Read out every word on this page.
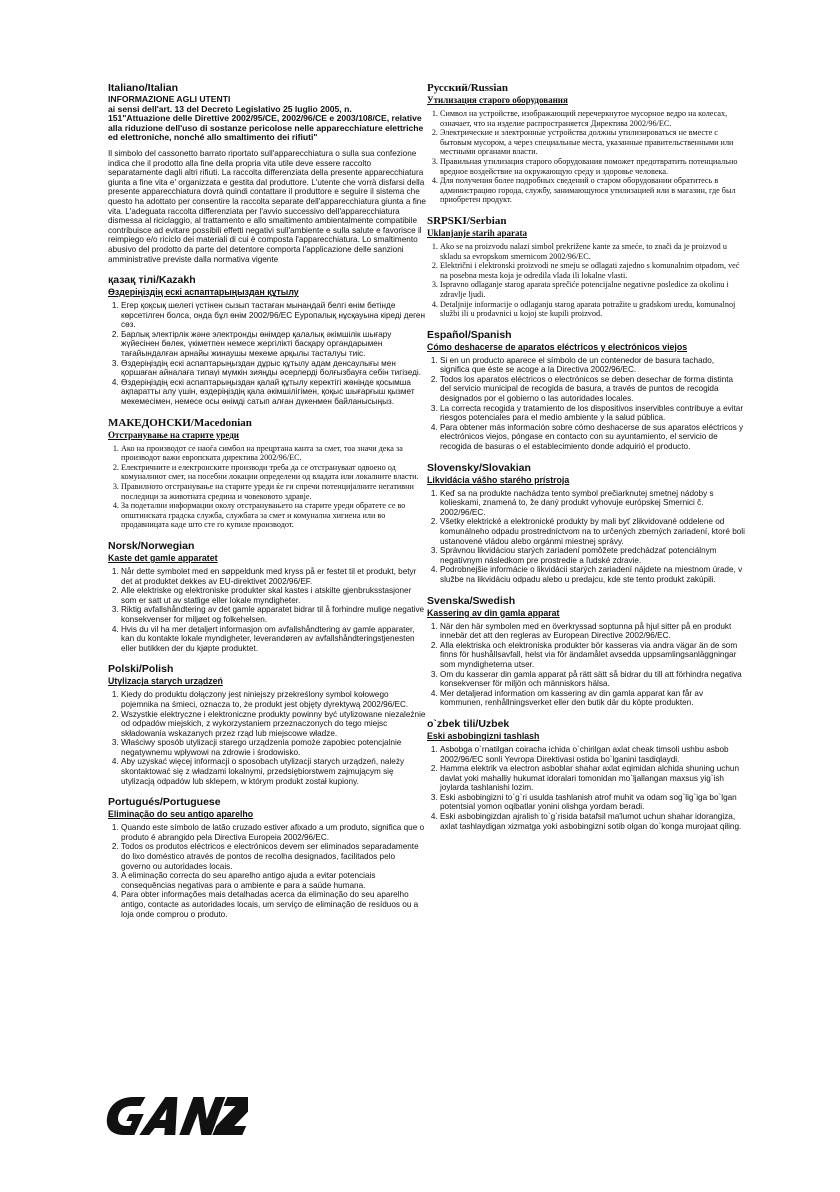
Italiano/Italian

INFORMAZIONE AGLI UTENTI

ai sensi dell'art. 13 del Decreto Legislativo 25 luglio 2005, n.

151"Attuazione delle Direttive 2002/95/CE, 2002/96/CE e 2003/108/CE, relative alla riduzione dell'uso di sostanze pericolose nelle apparecchiature elettriche ed elettroniche, nonché allo smaltimento dei rifiuti"

Il simbolo del cassonetto barrato riportato sull'apparecchiatura o sulla sua confezione indica che il prodotto alla fine della propria vita utile deve essere raccolto separatamente dagli altri rifiuti. La raccolta differenziata della presente apparecchiatura giunta a fine vita e' organizzata e gestita dal produttore. L'utente che vorrà disfarsi della presente apparecchiatura dovrà quindi contattare il produttore e seguire il sistema che questo ha adottato per consentire la raccolta separate dell'apparecchiatura giunta a fine vita. L'adeguata raccolta differenziata per l'avvio successivo dell'apparecchiatura dismessa al riciclaggio, al trattamento e allo smaltimento ambientalmente compatibile contribuisce ad evitare possibili effetti negativi sull'ambiente e sulla salute e favorisce il reimpiego e/o riciclo dei materiali di cui è composta l'apparecchiatura. Lo smaltimento abusivo del prodotto da parte del detentore comporta l'applicazione delle sanzioni amministrative previste dalla normativa vigente

қазақ тілі/Kazakh
Өздеріңіздің ескі аспаптарыңыздан құтылу
1. Егер қоқсық шелегі үстінен сызып тастаған мынандай белгі өнім бетінде көрсетілген болса, онда бұл өнім 2002/96/ЕС Еуропалық нұсқауына кіреді деген сөз.
2. Барлық электірлік және электронды өнімдер қалалық әкімшілік шығару жүйесінен бөлек, үкіметпен немесе жергілікті басқару органдарымен тағайындалған арнайы жинаушы мекеме арқылы тасталуы тиіс.
3. Өздеріңіздің ескі аспаптарыңыздан дұрыс құтылу адам денсаулығы мен қоршаған айналаға типаүі мүмкін зияңды әсерлерді болғызбауға себін тигізеді.
4. Өздеріңіздің ескі аспаптарыңыздан қалай құтылу керектігі жөнінде қосымша ақпаратты алу үшін, өздеріңіздің қала әкімшілігімен, қоқыс шығарғыш қызмет мекемесімен, немесе осы өнімді сатып алған дүкенмен байланысыңыз.
МАКЕДОНСКИ/Macedonian
Отстранување на старите уреди
1. Ако на производот се наоѓа симбол на прецртана канта за смет, тоа значи дека за производот важи европската директива 2002/96/ЕС.
2. Електричните и електронските производи треба да се отстрануваат одвоено од комуналниот смет, на посебни локации определени од владата или локалните власти.
3. Правилното отстранување на старите уреди ќе ги спречи потенцијалните негативни последици за животната средина и човековото здравје.
4. За подетални информации околу отстранувањето на старите уреди обратете се во општинската градска служба, службата за смет и комунална хигиена или во продавницата каде што сте го купиле производот.
Norsk/Norwegian
Kaste det gamle apparatet
1. Når dette symbolet med en søppeldunk med kryss på er festet til et produkt, betyr det at produktet dekkes av EU-direktivet 2002/96/EF.
2. Alle elektriske og elektroniske produkter skal kastes i atskilte gjenbruksstasjoner som er satt ut av statlige eller lokale myndigheter.
3. Riktig avfallshåndtering av det gamle apparatet bidrar til å forhindre mulige negative konsekvenser for miljøet og folkehelsen.
4. Hvis du vil ha mer detaljert informasjon om avfallshåndtering av gamle apparater, kan du kontakte lokale myndigheter, leverandøren av avfallshåndteringstjenesten eller butikken der du kjøpte produktet.
Polski/Polish
Utylizacja starych urządzeń
1. Kiedy do produktu dołączony jest niniejszy przekreślony symbol kołowego pojemnika na śmieci, oznacza to, że produkt jest objęty dyrektywą 2002/96/EC.
2. Wszystkie elektryczne i elektroniczne produkty powinny być utylizowane niezależnie od odpadów miejskich, z wykorzystaniem przeznaczonych do tego miejsc składowania wskazanych przez rząd lub miejscowe władze.
3. Właściwy sposób utylizacji starego urządzenia pomoże zapobiec potencjalnie negatywnemu wpływowi na zdrowie i środowisko.
4. Aby uzyskać więcej informacji o sposobach utylizacji starych urządzeń, należy skontaktować się z władzami lokalnymi, przedsiębiorstwem zajmującym się utylizacją odpadów lub sklepem, w którym produkt został kupiony.
Portugués/Portuguese
Eliminação do seu antigo aparelho
1. Quando este símbolo de latão cruzado estiver afixado a um produto, significa que o produto é abrangido pela Directiva Europeia 2002/96/EC.
2. Todos os produtos eléctricos e electrónicos devem ser eliminados separadamente do lixo doméstico através de pontos de recolha designados, facilitados pelo governo ou autoridades locais.
3. A eliminação correcta do seu aparelho antigo ajuda a evitar potenciais consequências negativas para o ambiente e para a saúde humana.
4. Para obter informações mais detalhadas acerca da eliminação do seu aparelho antigo, contacte as autoridades locais, um serviço de eliminação de resíduos ou a loja onde comprou o produto.
Русский/Russian
Утилизация старого оборудования
1. Символ на устройстве, изображающий перечеркнутое мусорное ведро на колесах, означает, что на изделие распространяется Директива 2002/96/EC.
2. Электрические и электронные устройства должны утилизироваться не вместе с бытовым мусором, а через специальные места, указанные правительственными или местными органами власти.
3. Правильная утилизация старого оборудования поможет предотвратить потенциально вредное воздействие на окружающую среду и здоровье человека.
4. Для получения более подробных сведений о старом оборудовании обратитесь в администрацию города, службу, занимающуюся утилизацией или в магазин, где был приобретен продукт.
SRPSKI/Serbian
Uklanjanje starih aparata
1. Ako se na proizvodu nalazi simbol prekrižene kante za smeće, to znači da je proizvod u skladu sa evropskom smernicom 2002/96/EC.
2. Električni i elektronski proizvodi ne smeju se odlagati zajedno s komunalnim otpadom, već na posebna mesta koja je odredila vlada ili lokalne vlasti.
3. Ispravno odlaganje starog aparata sprečiće potencijalne negativne posledice za okolinu i zdravlje ljudi.
4. Detaljnije informacije o odlaganju starog aparata potražite u gradskom uredu, komunalnoj službi ili u prodavnici u kojoj ste kupili proizvod.
Español/Spanish
Cómo deshacerse de aparatos eléctricos y electrónicos viejos
1. Si en un producto aparece el símbolo de un contenedor de basura tachado, significa que éste se acoge a la Directiva 2002/96/EC.
2. Todos los aparatos eléctricos o electrónicos se deben desechar de forma distinta del servicio municipal de recogida de basura, a través de puntos de recogida designados por el gobierno o las autoridades locales.
3. La correcta recogida y tratamiento de los dispositivos inservibles contribuye a evitar riesgos potenciales para el medio ambiente y la salud pública.
4. Para obtener más información sobre cómo deshacerse de sus aparatos eléctricos y electrónicos viejos, póngase en contacto con su ayuntamiento, el servicio de recogida de basuras o el establecimiento donde adquirió el producto.
Slovensky/Slovakian
Likvidácia vášho starého prístroja
1. Keď sa na produkte nachádza tento symbol prečiarknutej smetnej nádoby s kolieskami, znamená to, že daný produkt vyhovuje európskej Smernici č. 2002/96/EC.
2. Všetky elektrické a elektronické produkty by mali byť zlikvidované oddelene od komunálneho odpadu prostredníctvom na to určených zberných zariadení, ktoré boli ustanovené vládou alebo orgánmi miestnej správy.
3. Správnou likvidáciou starých zariadení pomôžete predchádzať potenciálnym negatívnym následkom pre prostredie a ľudské zdravie.
4. Podrobnejšie informácie o likvidácii starých zariadení nájdete na miestnom úrade, v službe na likvidáciu odpadu alebo u predajcu, kde ste tento produkt zakúpili.
Svenska/Swedish
Kassering av din gamla apparat
1. När den här symbolen med en överkryssad soptunna på hjul sitter på en produkt innebär det att den regleras av European Directive 2002/96/EC.
2. Alla elektriska och elektroniska produkter bör kasseras via andra vägar än de som finns för hushållsavfall, helst via för ändamålet avsedda uppsamlingsanläggningar som myndigheterna utser.
3. Om du kasserar din gamla apparat på rätt sätt så bidrar du till att förhindra negativa konsekvenser för miljön och människors hälsa.
4. Mer detaljerad information om kassering av din gamla apparat kan får av kommunen, renhållningsverket eller den butik där du köpte produkten.
o`zbek tili/Uzbek
Eski asbobingizni tashlash
1. Asbobga o`rnatilgan coiracha ichida o`chirilgan axlat cheak timsoli ushbu asbob 2002/96/EC sonli Yevropa Direktivasi ostida bo`lganini tasdiqlaydi.
2. Hamma elektrik va electron asboblar shahar axlat eqimidan alchida shuning uchun davlat yoki mahalliy hukumat idoralari tomonidan mo`ljallangan maxsus yig`ish joylarda tashlanishi lozim.
3. Eski asbobingizni to`g`ri usulda tashlanish atrof muhit va odam sog`lig`iga bo`lgan potentsial yomon oqibatlar yonini olishga yordam beradi.
4. Eski asbobingizdan ajralish to`g`risida batafsil ma'lumot uchun shahar idorangiza, axlat tashlaydigan xizmatga yoki asbobingizni sotib olgan do`konga murojaat qiling.
